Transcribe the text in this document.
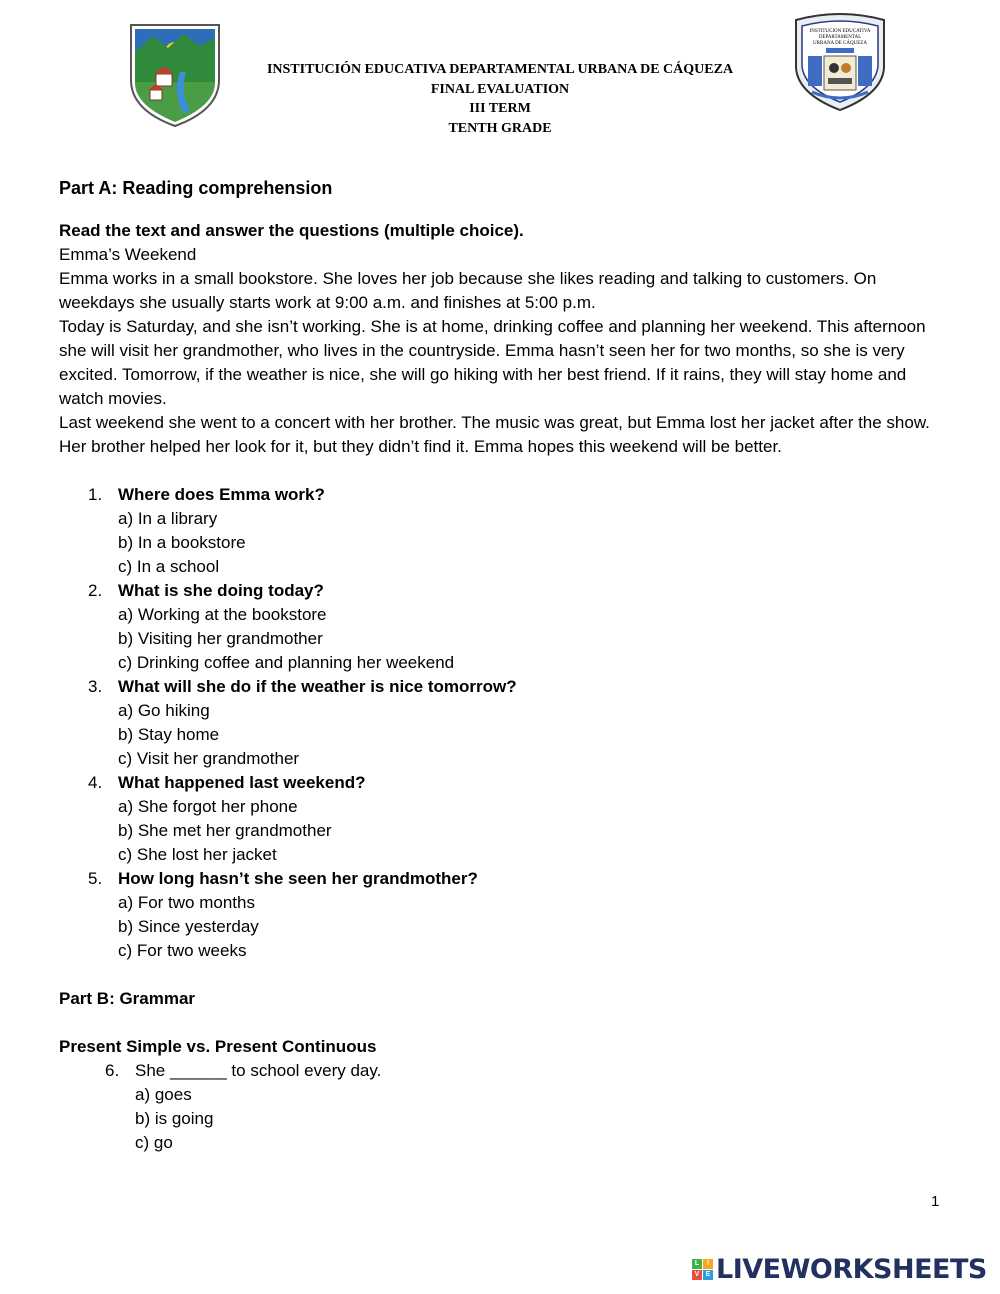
INSTITUCION EDUCATIVA
DEPARTAMENTAL
URBANA DE CÁQUEZA
INSTITUCIÓN EDUCATIVA DEPARTAMENTAL URBANA DE CÁQUEZA
FINAL EVALUATION
III TERM
TENTH GRADE
Part A: Reading comprehension

Read the text and answer the questions (multiple choice).

Emma’s Weekend

Emma works in a small bookstore. She loves her job because she likes reading and talking to customers. On weekdays she usually starts work at 9:00 a.m. and finishes at 5:00 p.m.

Today is Saturday, and she isn’t working. She is at home, drinking coffee and planning her weekend. This afternoon she will visit her grandmother, who lives in the countryside. Emma hasn’t seen her for two months, so she is very excited. Tomorrow, if the weather is nice, she will go hiking with her best friend. If it rains, they will stay home and watch movies.

Last weekend she went to a concert with her brother. The music was great, but Emma lost her jacket after the show. Her brother helped her look for it, but they didn’t find it. Emma hopes this weekend will be better.

1. Where does Emma work?
a) In a library
b) In a bookstore
c) In a school
2. What is she doing today?
a) Working at the bookstore
b) Visiting her grandmother
c) Drinking coffee and planning her weekend
3. What will she do if the weather is nice tomorrow?
a) Go hiking
b) Stay home
c) Visit her grandmother
4. What happened last weekend?
a) She forgot her phone
b) She met her grandmother
c) She lost her jacket
5. How long hasn’t she seen her grandmother?
a) For two months
b) Since yesterday
c) For two weeks
Part B: Grammar
Present Simple vs. Present Continuous
6. She ______ to school every day.
a) goes
b) is going
c) go
1
L	I
V E LIVEWORKSHEETS
